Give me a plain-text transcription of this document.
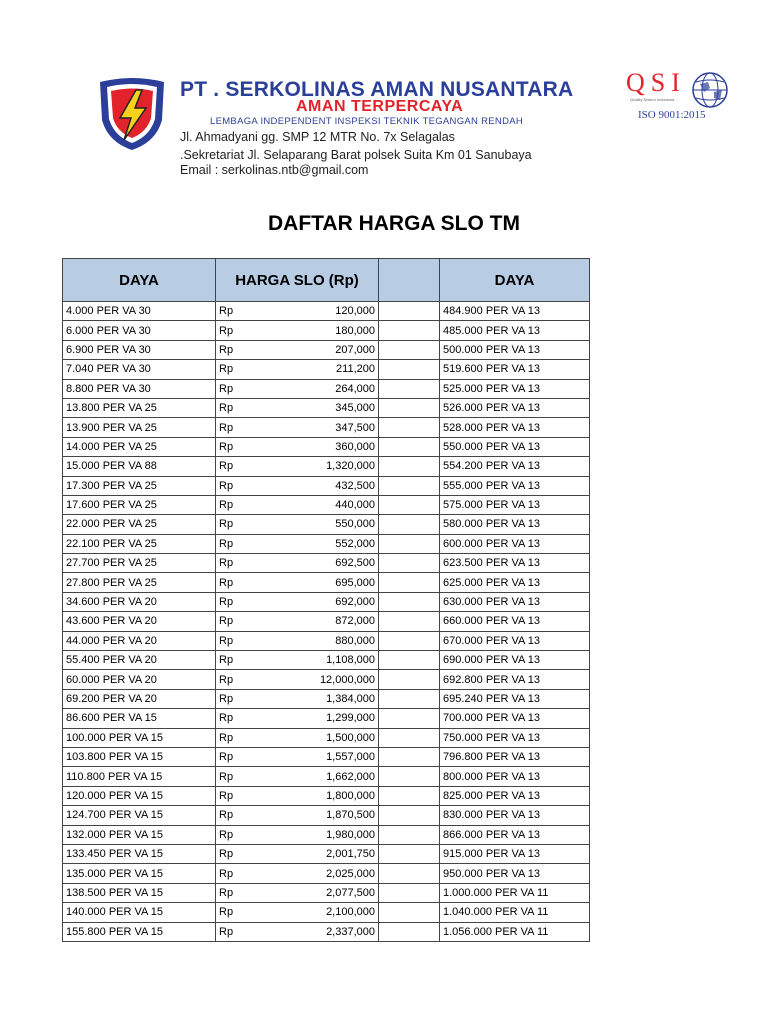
PT . SERKOLINAS AMAN NUSANTARA
AMAN TERPERCAYA
LEMBAGA INDEPENDENT INSPEKSI TEKNIK TEGANGAN RENDAH
Jl. Ahmadyani gg. SMP 12 MTR No. 7x Selagalas
.Sekretariat Jl. Selaparang Barat polsek Suita Km 01 Sanubaya
Email : serkolinas.ntb@gmail.com
QSI
Quality Sistem Indonesia
ISO 9001:2015
DAFTAR HARGA SLO TM
DAYA	HARGA SLO (Rp)			DAYA
4.000 PER VA 30	Rp	120,000		484.900 PER VA 13
6.000 PER VA 30	Rp	180,000		485.000 PER VA 13
6.900 PER VA 30	Rp	207,000		500.000 PER VA 13
7.040 PER VA 30	Rp	211,200		519.600 PER VA 13
8.800 PER VA 30	Rp	264,000		525.000 PER VA 13
13.800 PER VA 25	Rp	345,000		526.000 PER VA 13
13.900 PER VA 25	Rp	347,500		528.000 PER VA 13
14.000 PER VA 25	Rp	360,000		550.000 PER VA 13
15.000 PER VA 88	Rp	1,320,000		554.200 PER VA 13
17.300 PER VA 25	Rp	432,500		555.000 PER VA 13
17.600 PER VA 25	Rp	440,000		575.000 PER VA 13
22.000 PER VA 25	Rp	550,000		580.000 PER VA 13
22.100 PER VA 25	Rp	552,000		600.000 PER VA 13
27.700 PER VA 25	Rp	692,500		623.500 PER VA 13
27.800 PER VA 25	Rp	695,000		625.000 PER VA 13
34.600 PER VA 20	Rp	692,000		630.000 PER VA 13
43.600 PER VA 20	Rp	872,000		660.000 PER VA 13
44.000 PER VA 20	Rp	880,000		670.000 PER VA 13
55.400 PER VA 20	Rp	1,108,000		690.000 PER VA 13
60.000 PER VA 20	Rp	12,000,000		692.800 PER VA 13
69.200 PER VA 20	Rp	1,384,000		695.240 PER VA 13
86.600 PER VA 15	Rp	1,299,000		700.000 PER VA 13
100.000 PER VA 15	Rp	1,500,000		750.000 PER VA 13
103.800 PER VA 15	Rp	1,557,000		796.800 PER VA 13
110.800 PER VA 15	Rp	1,662,000		800.000 PER VA 13
120.000 PER VA 15	Rp	1,800,000		825.000 PER VA 13
124.700 PER VA 15	Rp	1,870,500		830.000 PER VA 13
132.000 PER VA 15	Rp	1,980,000		866.000 PER VA 13
133.450 PER VA 15	Rp	2,001,750		915.000 PER VA 13
135.000 PER VA 15	Rp	2,025,000		950.000 PER VA 13
138.500 PER VA 15	Rp	2,077,500		1.000.000 PER VA 11
140.000 PER VA 15	Rp	2,100,000		1.040.000 PER VA 11
155.800 PER VA 15	Rp	2,337,000		1.056.000 PER VA 11
